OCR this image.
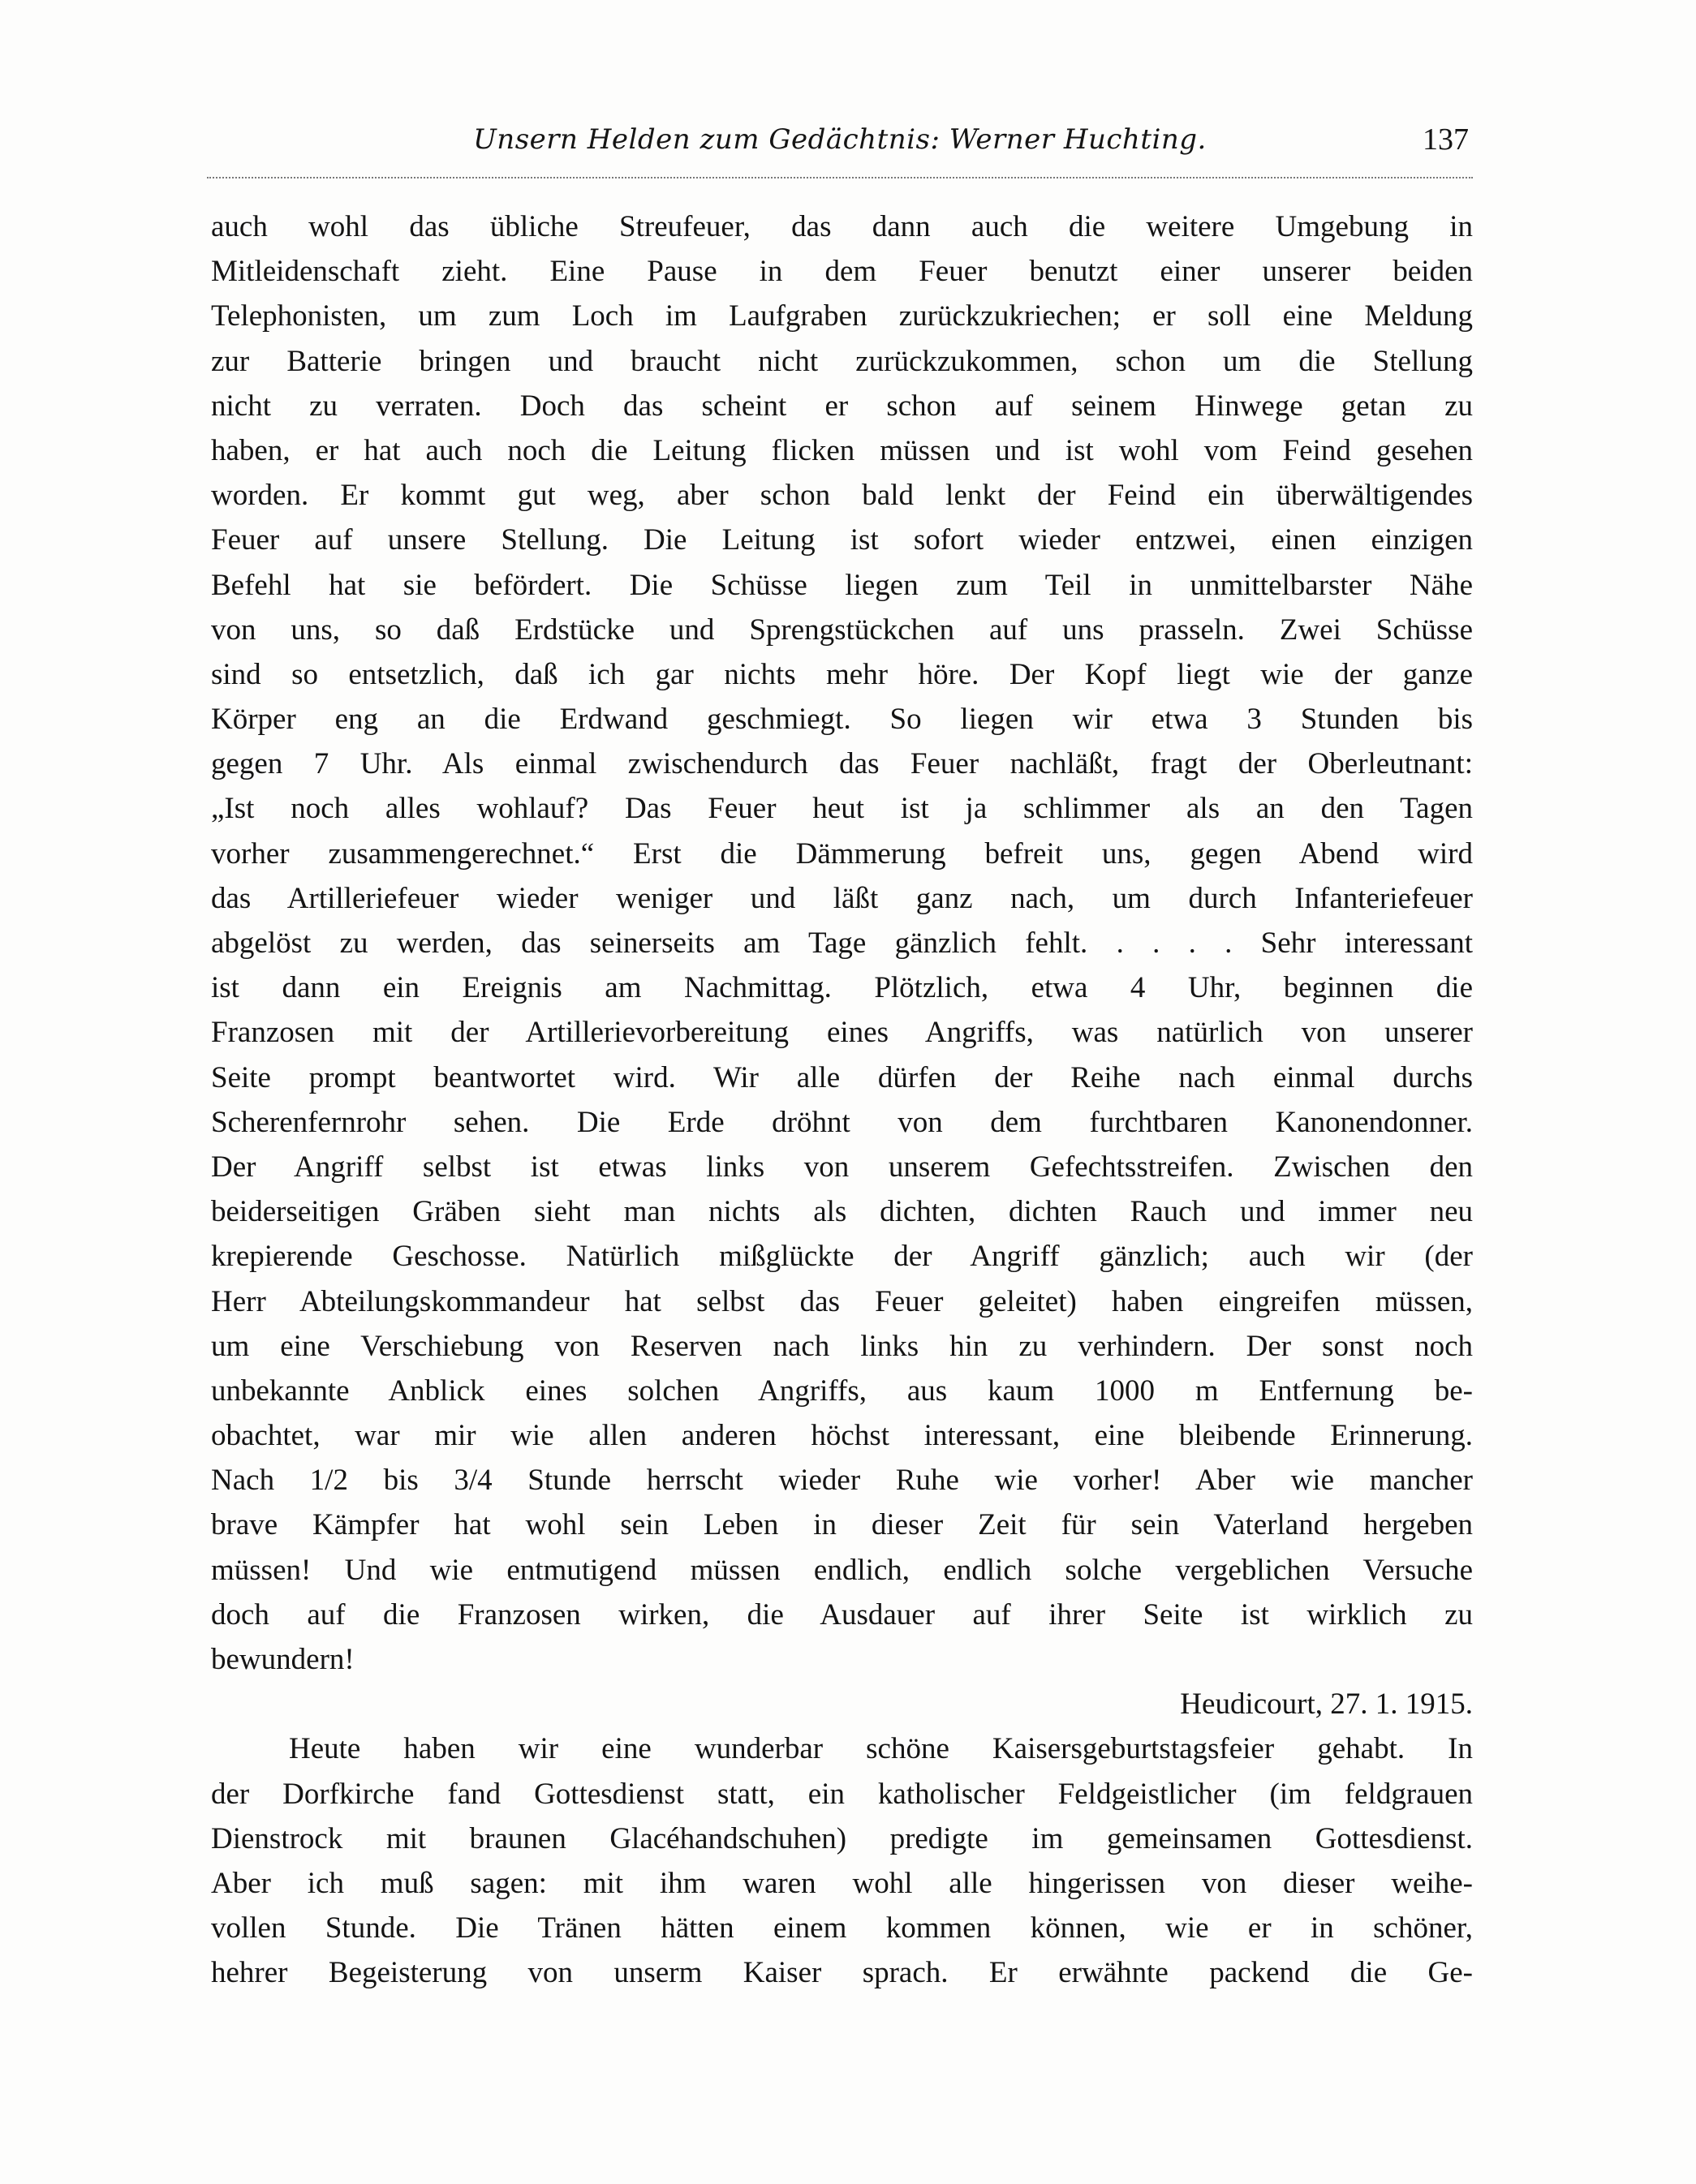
Unsern Helden zum Gedächtnis: Werner Huchting.	137
auch wohl das übliche Streufeuer, das dann auch die weitere Umgebung in
Mitleidenschaft zieht. Eine Pause in dem Feuer benutzt einer unserer beiden
Telephonisten, um zum Loch im Laufgraben zurückzukriechen; er soll eine Meldung
zur Batterie bringen und braucht nicht zurückzukommen, schon um die Stellung
nicht zu verraten. Doch das scheint er schon auf seinem Hinwege getan zu
haben, er hat auch noch die Leitung flicken müssen und ist wohl vom Feind gesehen
worden. Er kommt gut weg, aber schon bald lenkt der Feind ein überwältigendes
Feuer auf unsere Stellung. Die Leitung ist sofort wieder entzwei, einen einzigen
Befehl hat sie befördert. Die Schüsse liegen zum Teil in unmittelbarster Nähe
von uns, so daß Erdstücke und Sprengstückchen auf uns prasseln. Zwei Schüsse
sind so entsetzlich, daß ich gar nichts mehr höre. Der Kopf liegt wie der ganze
Körper eng an die Erdwand geschmiegt. So liegen wir etwa 3 Stunden bis
gegen 7 Uhr. Als einmal zwischendurch das Feuer nachläßt, fragt der Oberleutnant:
„Ist noch alles wohlauf? Das Feuer heut ist ja schlimmer als an den Tagen
vorher zusammengerechnet.“ Erst die Dämmerung befreit uns, gegen Abend wird
das Artilleriefeuer wieder weniger und läßt ganz nach, um durch Infanteriefeuer
abgelöst zu werden, das seinerseits am Tage gänzlich fehlt. . . . . Sehr interessant
ist dann ein Ereignis am Nachmittag. Plötzlich, etwa 4 Uhr, beginnen die
Franzosen mit der Artillerievorbereitung eines Angriffs, was natürlich von unserer
Seite prompt beantwortet wird. Wir alle dürfen der Reihe nach einmal durchs
Scherenfernrohr sehen. Die Erde dröhnt von dem furchtbaren Kanonendonner.
Der Angriff selbst ist etwas links von unserem Gefechtsstreifen. Zwischen den
beiderseitigen Gräben sieht man nichts als dichten, dichten Rauch und immer neu
krepierende Geschosse. Natürlich mißglückte der Angriff gänzlich; auch wir (der
Herr Abteilungskommandeur hat selbst das Feuer geleitet) haben eingreifen müssen,
um eine Verschiebung von Reserven nach links hin zu verhindern. Der sonst noch
unbekannte Anblick eines solchen Angriffs, aus kaum 1000 m Entfernung be-
obachtet, war mir wie allen anderen höchst interessant, eine bleibende Erinnerung.
Nach 1/2 bis 3/4 Stunde herrscht wieder Ruhe wie vorher! Aber wie mancher
brave Kämpfer hat wohl sein Leben in dieser Zeit für sein Vaterland hergeben
müssen! Und wie entmutigend müssen endlich, endlich solche vergeblichen Versuche
doch auf die Franzosen wirken, die Ausdauer auf ihrer Seite ist wirklich zu
bewundern!
Heudicourt, 27. 1. 1915.
Heute haben wir eine wunderbar schöne Kaisersgeburtstagsfeier gehabt. In
der Dorfkirche fand Gottesdienst statt, ein katholischer Feldgeistlicher (im feldgrauen
Dienstrock mit braunen Glacéhandschuhen) predigte im gemeinsamen Gottesdienst.
Aber ich muß sagen: mit ihm waren wohl alle hingerissen von dieser weihe-
vollen Stunde. Die Tränen hätten einem kommen können, wie er in schöner,
hehrer Begeisterung von unserm Kaiser sprach. Er erwähnte packend die Ge-
